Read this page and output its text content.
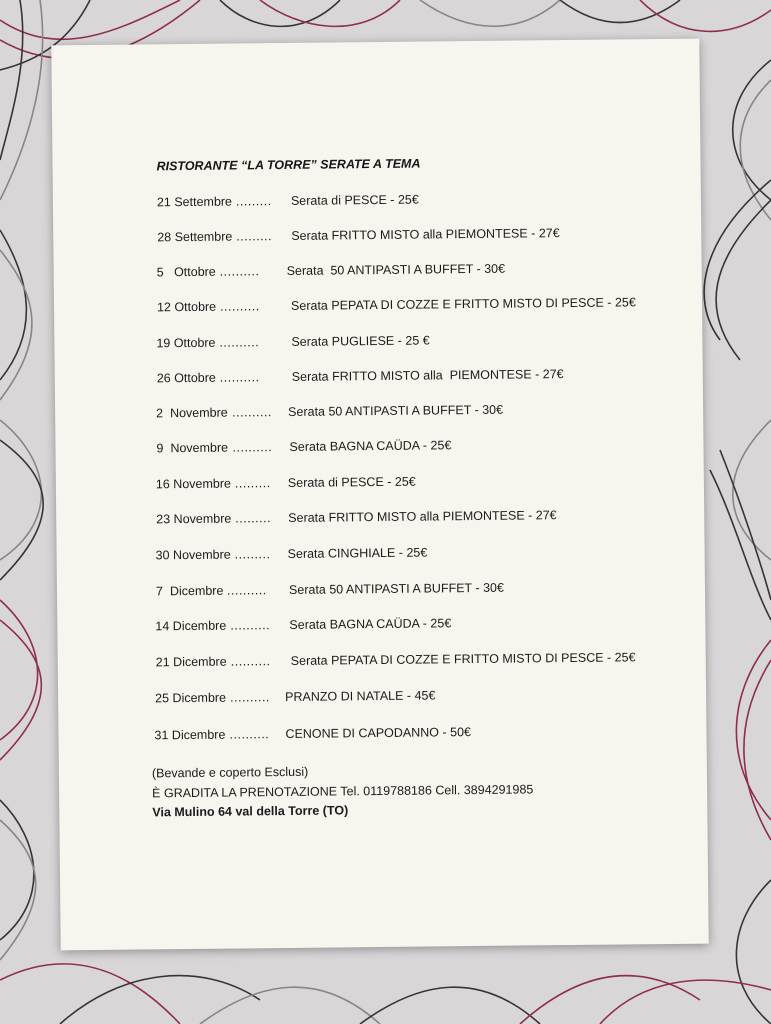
RISTORANTE “LA TORRE” SERATE A TEMA
21 Settembre ......... Serata di PESCE - 25€
28 Settembre ......... Serata FRITTO MISTO alla PIEMONTESE - 27€
5   Ottobre .......... Serata  50 ANTIPASTI A BUFFET - 30€
12 Ottobre .......... Serata PEPATA DI COZZE E FRITTO MISTO DI PESCE - 25€
19 Ottobre ..........	Serata PUGLIESE - 25 €
26 Ottobre ..........	Serata FRITTO MISTO alla  PIEMONTESE - 27€
2  Novembre .......... Serata 50 ANTIPASTI A BUFFET - 30€
9  Novembre .......... Serata BAGNA CAÜDA - 25€
16 Novembre ......... Serata di PESCE - 25€
23 Novembre ......... Serata FRITTO MISTO alla PIEMONTESE - 27€
30 Novembre ......... Serata CINGHIALE - 25€
7  Dicembre .......... Serata 50 ANTIPASTI A BUFFET - 30€
14 Dicembre .......... Serata BAGNA CAÜDA - 25€
21 Dicembre .......... Serata PEPATA DI COZZE E FRITTO MISTO DI PESCE - 25€
25 Dicembre .......... PRANZO DI NATALE - 45€
31 Dicembre .......... CENONE DI CAPODANNO - 50€
(Bevande e coperto Esclusi)
È GRADITA LA PRENOTAZIONE Tel. 0119788186 Cell. 3894291985
Via Mulino 64 val della Torre (TO)
